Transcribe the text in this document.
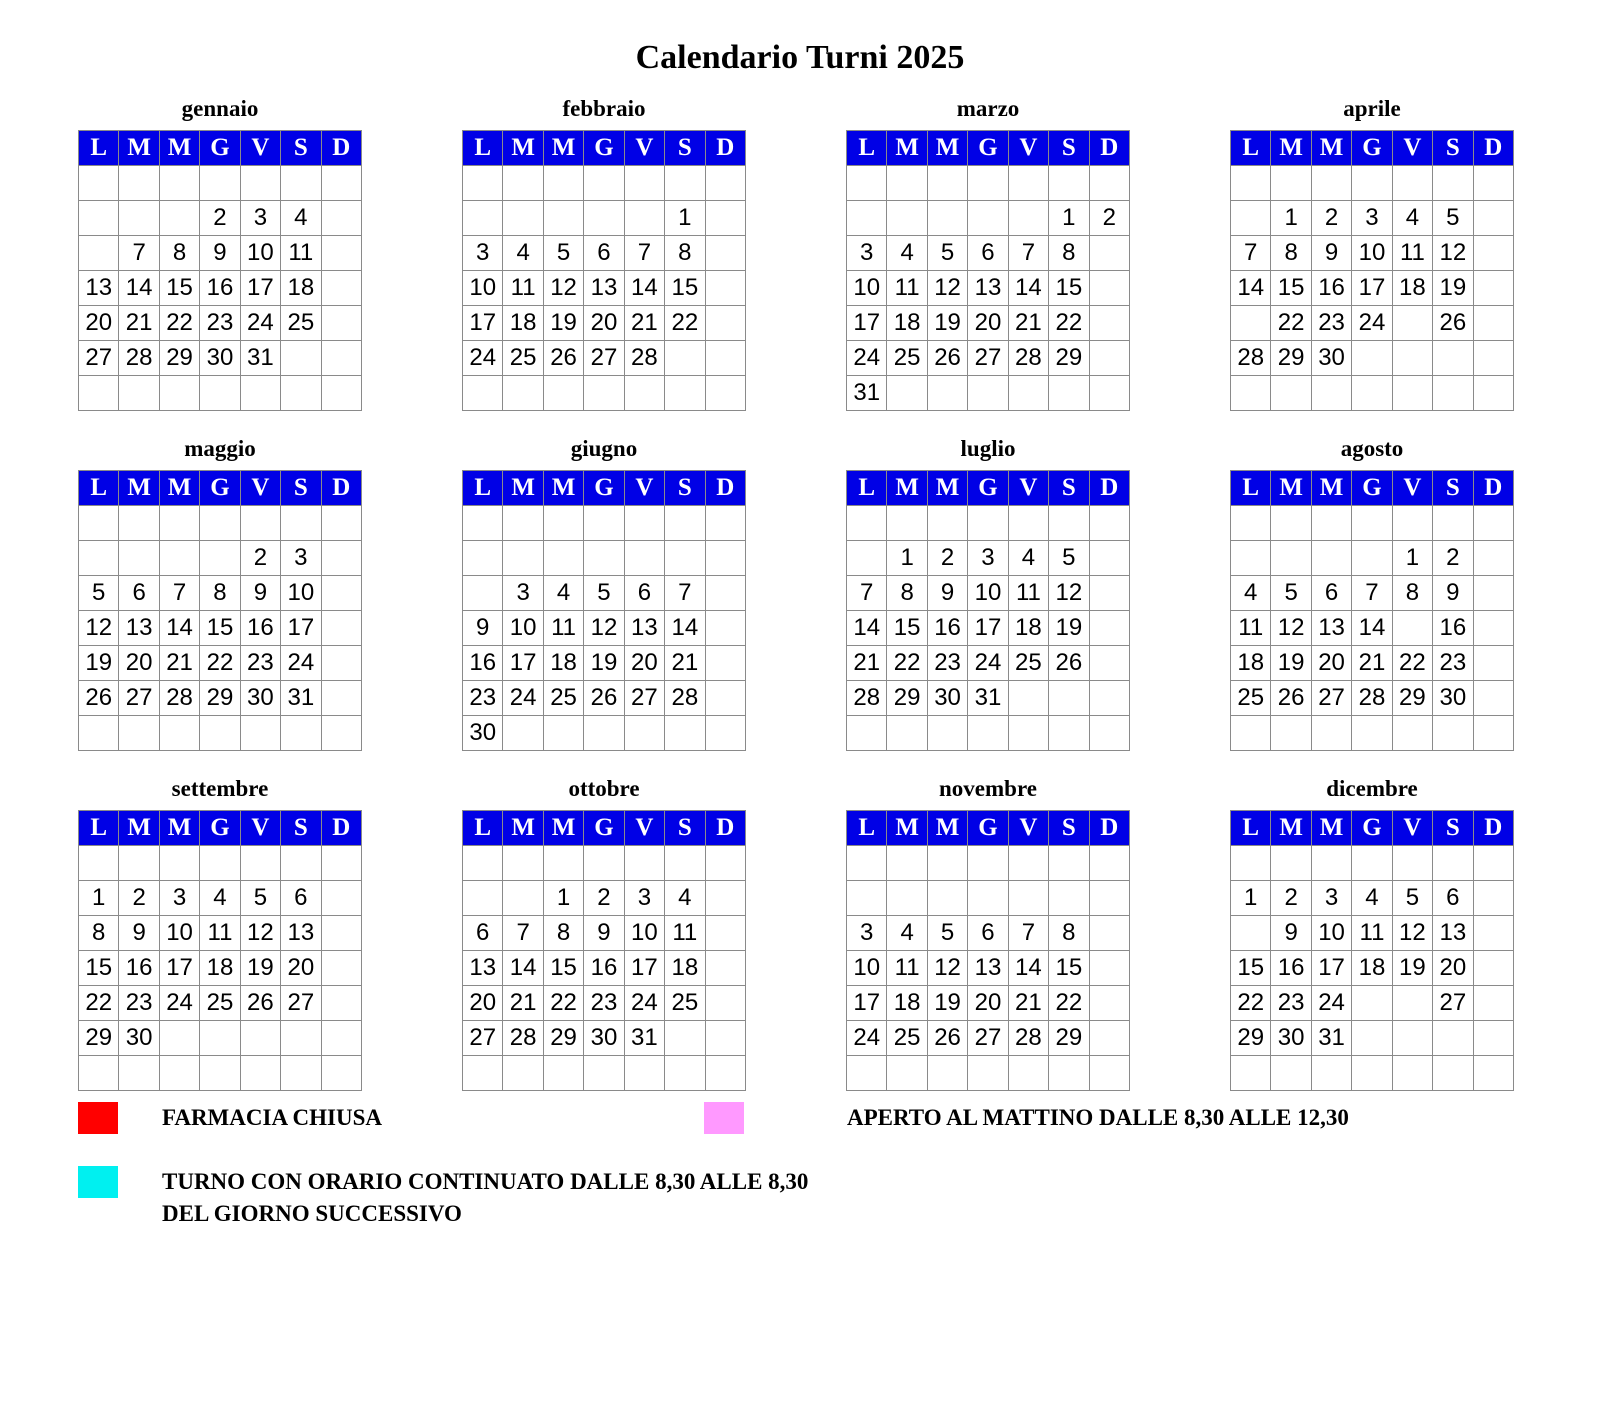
Calendario Turni 2025
gennaio
L	M	M	G	V	S	D

		1	2	3	4	5
6	7	8	9	10	11	12
13	14	15	16	17	18	19
20	21	22	23	24	25	26
27	28	29	30	31		

febbraio
L	M	M	G	V	S	D

					1	2
3	4	5	6	7	8	9
10	11	12	13	14	15	16
17	18	19	20	21	22	23
24	25	26	27	28		

marzo
L	M	M	G	V	S	D

					1	2
3	4	5	6	7	8	9
10	11	12	13	14	15	16
17	18	19	20	21	22	23
24	25	26	27	28	29	30
31						
aprile
L	M	M	G	V	S	D

	1	2	3	4	5	6
7	8	9	10	11	12	13
14	15	16	17	18	19	20
21	22	23	24	25	26	27
28	29	30				

maggio
L	M	M	G	V	S	D

			1	2	3	4
5	6	7	8	9	10	11
12	13	14	15	16	17	18
19	20	21	22	23	24	25
26	27	28	29	30	31	

giugno
L	M	M	G	V	S	D

						1
2	3	4	5	6	7	8
9	10	11	12	13	14	15
16	17	18	19	20	21	22
23	24	25	26	27	28	29
30						
luglio
L	M	M	G	V	S	D

	1	2	3	4	5	6
7	8	9	10	11	12	13
14	15	16	17	18	19	20
21	22	23	24	25	26	27
28	29	30	31			

agosto
L	M	M	G	V	S	D

				1	2	3
4	5	6	7	8	9	10
11	12	13	14	15	16	17
18	19	20	21	22	23	24
25	26	27	28	29	30	31

settembre
L	M	M	G	V	S	D

1	2	3	4	5	6	7
8	9	10	11	12	13	14
15	16	17	18	19	20	21
22	23	24	25	26	27	28
29	30					

ottobre
L	M	M	G	V	S	D

		1	2	3	4	5
6	7	8	9	10	11	12
13	14	15	16	17	18	19
20	21	22	23	24	25	26
27	28	29	30	31		

novembre
L	M	M	G	V	S	D

					1	2
3	4	5	6	7	8	9
10	11	12	13	14	15	16
17	18	19	20	21	22	23
24	25	26	27	28	29	30

dicembre
L	M	M	G	V	S	D

1	2	3	4	5	6	7
8	9	10	11	12	13	14
15	16	17	18	19	20	21
22	23	24	25	26	27	28
29	30	31				

FARMACIA CHIUSA	APERTO AL MATTINO DALLE 8,30 ALLE 12,30
TURNO CON ORARIO CONTINUATO DALLE 8,30 ALLE 8,30
DEL GIORNO SUCCESSIVO
